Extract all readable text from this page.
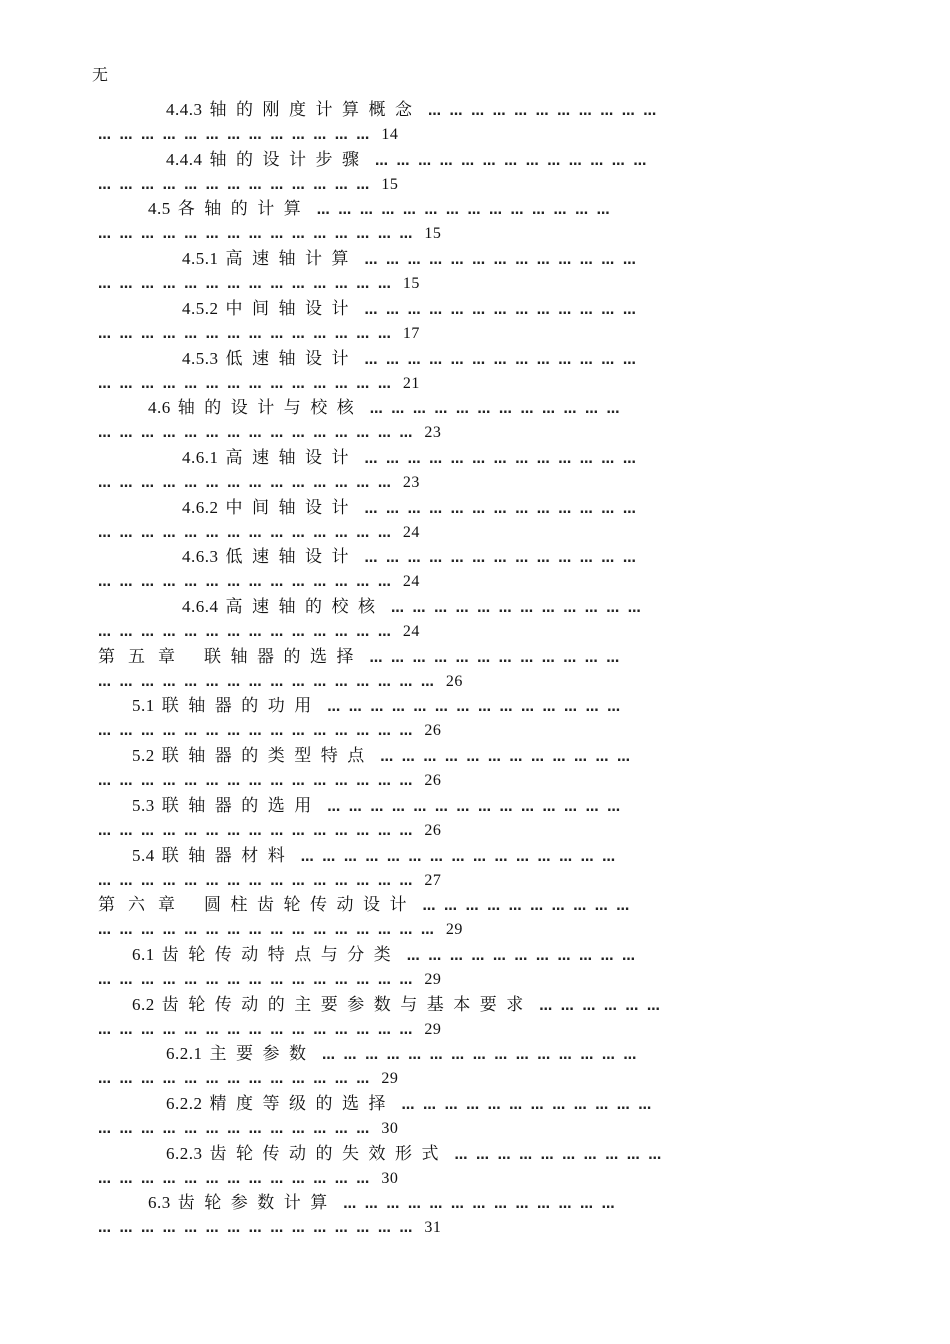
无
4.4.3 轴的刚度计算概念 … … … … … … … … … … …
… … … … … … … … … … … … … 14
4.4.4 轴的设计步骤 … … … … … … … … … … … … …
… … … … … … … … … … … … … 15
4.5 各轴的计算 … … … … … … … … … … … … … …
… … … … … … … … … … … … … … … 15
4.5.1 高速轴计算 … … … … … … … … … … … … …
… … … … … … … … … … … … … … 15
4.5.2 中间轴设计 … … … … … … … … … … … … …
… … … … … … … … … … … … … … 17
4.5.3 低速轴设计 … … … … … … … … … … … … …
… … … … … … … … … … … … … … 21
4.6 轴的设计与校核 … … … … … … … … … … … …
… … … … … … … … … … … … … … … 23
4.6.1 高速轴设计 … … … … … … … … … … … … …
… … … … … … … … … … … … … … 23
4.6.2 中间轴设计 … … … … … … … … … … … … …
… … … … … … … … … … … … … … 24
4.6.3 低速轴设计 … … … … … … … … … … … … …
… … … … … … … … … … … … … … 24
4.6.4 高速轴的校核 … … … … … … … … … … … …
… … … … … … … … … … … … … … 24
第五章 联轴器的选择 … … … … … … … … … … … …
… … … … … … … … … … … … … … … … 26
5.1 联轴器的功用 … … … … … … … … … … … … … …
… … … … … … … … … … … … … … … 26
5.2 联轴器的类型特点 … … … … … … … … … … … …
… … … … … … … … … … … … … … … 26
5.3 联轴器的选用 … … … … … … … … … … … … … …
… … … … … … … … … … … … … … … 26
5.4 联轴器材料 … … … … … … … … … … … … … … …
… … … … … … … … … … … … … … … 27
第六章 圆柱齿轮传动设计 … … … … … … … … … …
… … … … … … … … … … … … … … … … 29
6.1 齿轮传动特点与分类 … … … … … … … … … … …
… … … … … … … … … … … … … … … 29
6.2 齿轮传动的主要参数与基本要求 … … … … … …
… … … … … … … … … … … … … … … 29
6.2.1 主要参数 … … … … … … … … … … … … … … …
… … … … … … … … … … … … … 29
6.2.2 精度等级的选择 … … … … … … … … … … … …
… … … … … … … … … … … … … 30
6.2.3 齿轮传动的失效形式 … … … … … … … … … …
… … … … … … … … … … … … … 30
6.3 齿轮参数计算 … … … … … … … … … … … … …
… … … … … … … … … … … … … … … 31
